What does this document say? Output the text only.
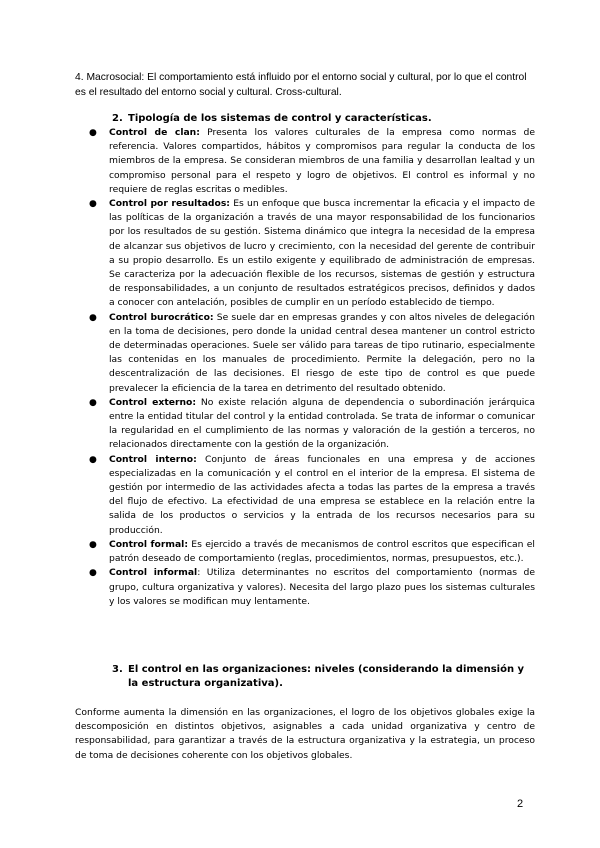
4. Macrosocial: El comportamiento está influido por el entorno social y cultural, por lo que el control es el resultado del entorno social y cultural. Cross-cultural.

2. Tipología de los sistemas de control y características.
● Control de clan: Presenta los valores culturales de la empresa como normas de referencia. Valores compartidos, hábitos y compromisos para regular la conducta de los miembros de la empresa. Se consideran miembros de una familia y desarrollan lealtad y un compromiso personal para el respeto y logro de objetivos. El control es informal y no requiere de reglas escritas o medibles.
● Control por resultados: Es un enfoque que busca incrementar la eficacia y el impacto de las políticas de la organización a través de una mayor responsabilidad de los funcionarios por los resultados de su gestión. Sistema dinámico que integra la necesidad de la empresa de alcanzar sus objetivos de lucro y crecimiento, con la necesidad del gerente de contribuir a su propio desarrollo. Es un estilo exigente y equilibrado de administración de empresas. Se caracteriza por la adecuación flexible de los recursos, sistemas de gestión y estructura de responsabilidades, a un conjunto de resultados estratégicos precisos, definidos y dados a conocer con antelación, posibles de cumplir en un período establecido de tiempo.
● Control burocrático: Se suele dar en empresas grandes y con altos niveles de delegación en la toma de decisiones, pero donde la unidad central desea mantener un control estricto de determinadas operaciones. Suele ser válido para tareas de tipo rutinario, especialmente las contenidas en los manuales de procedimiento. Permite la delegación, pero no la descentralización de las decisiones. El riesgo de este tipo de control es que puede prevalecer la eficiencia de la tarea en detrimento del resultado obtenido.
● Control externo: No existe relación alguna de dependencia o subordinación jerárquica entre la entidad titular del control y la entidad controlada. Se trata de informar o comunicar la regularidad en el cumplimiento de las normas y valoración de la gestión a terceros, no relacionados directamente con la gestión de la organización.
● Control interno: Conjunto de áreas funcionales en una empresa y de acciones especializadas en la comunicación y el control en el interior de la empresa. El sistema de gestión por intermedio de las actividades afecta a todas las partes de la empresa a través del flujo de efectivo. La efectividad de una empresa se establece en la relación entre la salida de los productos o servicios y la entrada de los recursos necesarios para su producción.
● Control formal: Es ejercido a través de mecanismos de control escritos que especifican el patrón deseado de comportamiento (reglas, procedimientos, normas, presupuestos, etc.).
● Control informal: Utiliza determinantes no escritos del comportamiento (normas de grupo, cultura organizativa y valores). Necesita del largo plazo pues los sistemas culturales y los valores se modifican muy lentamente.
3. El control en las organizaciones: niveles (considerando la dimensión y
la estructura organizativa).

Conforme aumenta la dimensión en las organizaciones, el logro de los objetivos globales exige la descomposición en distintos objetivos, asignables a cada unidad organizativa y centro de responsabilidad, para garantizar a través de la estructura organizativa y la estrategia, un proceso de toma de decisiones coherente con los objetivos globales.

2
